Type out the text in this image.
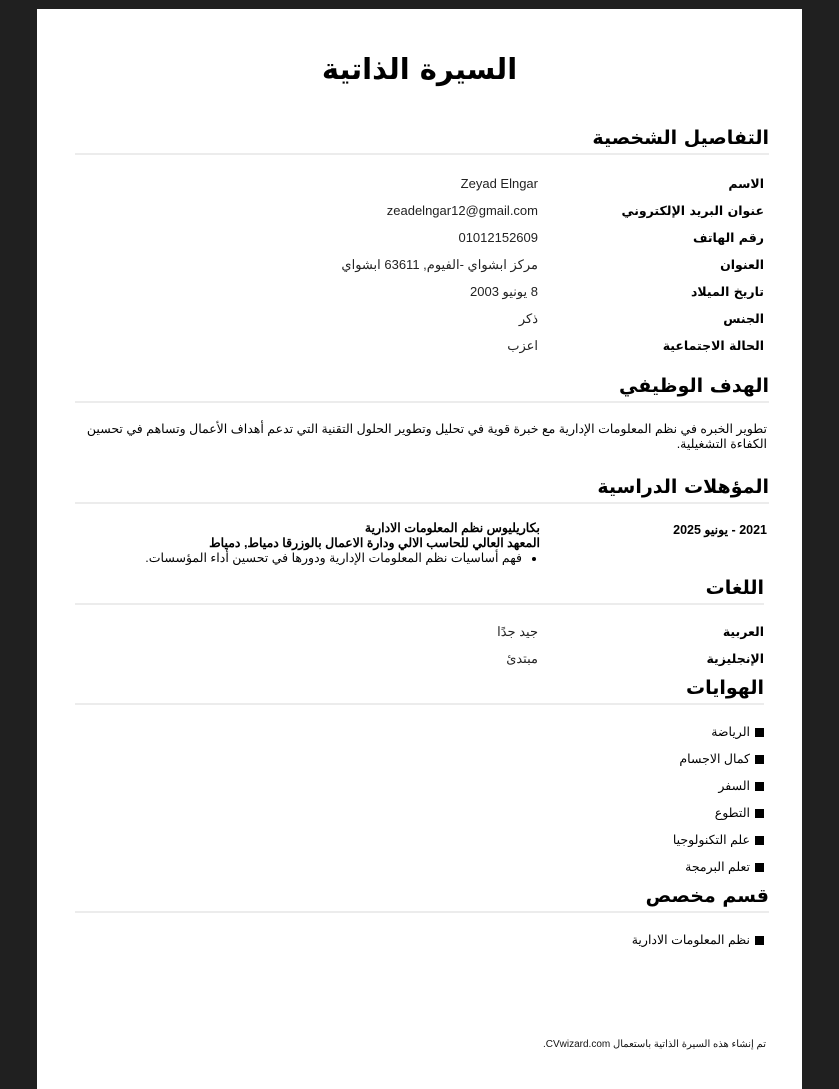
السيرة الذاتية
التفاصيل الشخصية
الاسم
Zeyad Elngar
عنوان البريد الإلكتروني
zeadelngar12@gmail.com
رقم الهاتف
01012152609
العنوان
مركز ابشواي -الفيوم, 63611 ابشواي
تاريخ الميلاد
8 يونيو 2003
الجنس
ذكر
الحالة الاجتماعية
اعزب
الهدف الوظيفي
تطوير الخبره في نظم المعلومات الإدارية مع خبرة قوية في تحليل وتطوير الحلول التقنية التي تدعم أهداف الأعمال وتساهم في تحسين الكفاءة التشغيلية.
المؤهلات الدراسية
2021 - يونيو 2025
بكاريليوس نظم المعلومات الادارية
المعهد العالي للحاسب الالي ودارة الاعمال بالوزرقا دمياط, دمياط
• فهم أساسيات نظم المعلومات الإدارية ودورها في تحسين أداء المؤسسات.
اللغات
العربية
جيد جدًا
الإنجليزية
مبتدئ
الهوايات
الرياضة
كمال الاجسام
السفر
التطوع
علم التكنولوجيا
تعلم البرمجة
قسم مخصص
نظم المعلومات الادارية
تم إنشاء هذه السيرة الذاتية باستعمال CVwizard.com.
